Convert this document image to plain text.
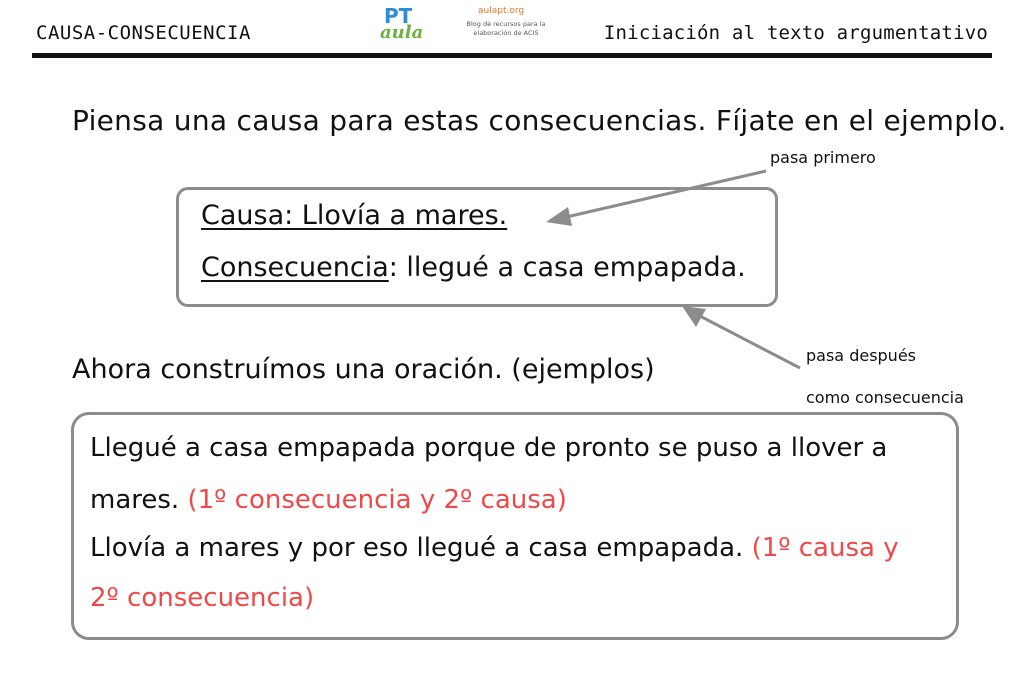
CAUSA-CONSECUENCIA
PT
aula
aulapt.org
Blog de recursos para la elaboración de ACIS	Iniciación al texto argumentativo
Piensa una causa para estas consecuencias. Fíjate en el ejemplo.
pasa primero
Causa: Llovía a mares.
Consecuencia: llegué a casa empapada.
pasa después
como consecuencia
Ahora construímos una oración. (ejemplos)
Llegué a casa empapada porque de pronto se puso a llover a
mares. (1º consecuencia y 2º causa)
Llovía a mares y por eso llegué a casa empapada. (1º causa y
2º consecuencia)
